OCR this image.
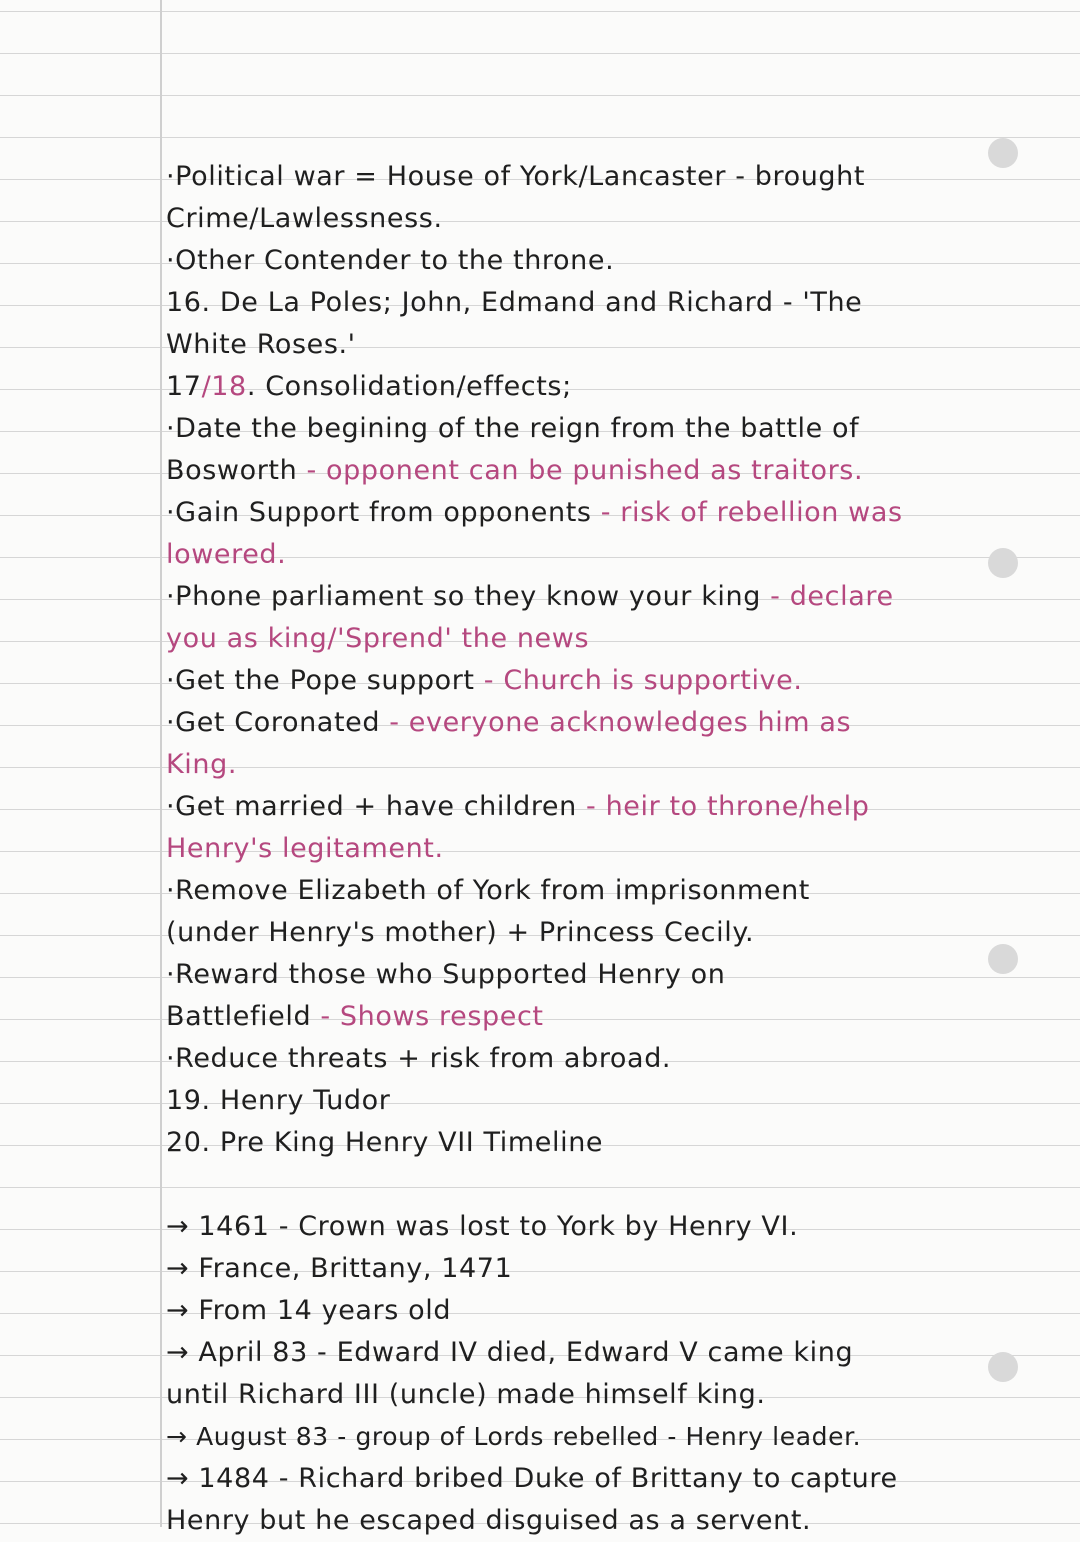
·Political war = House of York/Lancaster - brought
Crime/Lawlessness.
·Other Contender to the throne.
16. De La Poles; John, Edmand and Richard - 'The
White Roses.'
17/18. Consolidation/effects;
·Date the begining of the reign from the battle of
Bosworth - opponent can be punished as traitors.
·Gain Support from opponents - risk of rebellion was
lowered.
·Phone parliament so they know your king - declare
you as king/'Sprend' the news
·Get the Pope support - Church is supportive.
·Get Coronated - everyone acknowledges him as
King.
·Get married + have children - heir to throne/help
Henry's legitament.
·Remove Elizabeth of York from imprisonment
(under Henry's mother) + Princess Cecily.
·Reward those who Supported Henry on
Battlefield - Shows respect
·Reduce threats + risk from abroad.
19. Henry Tudor
20. Pre King Henry VII Timeline
→ 1461 - Crown was lost to York by Henry VI.
→ France, Brittany, 1471
→ From 14 years old
→ April 83 - Edward IV died, Edward V came king
until Richard III (uncle) made himself king.
→ August 83 - group of Lords rebelled - Henry leader.
→ 1484 - Richard bribed Duke of Brittany to capture
Henry but he escaped disguised as a servent.
